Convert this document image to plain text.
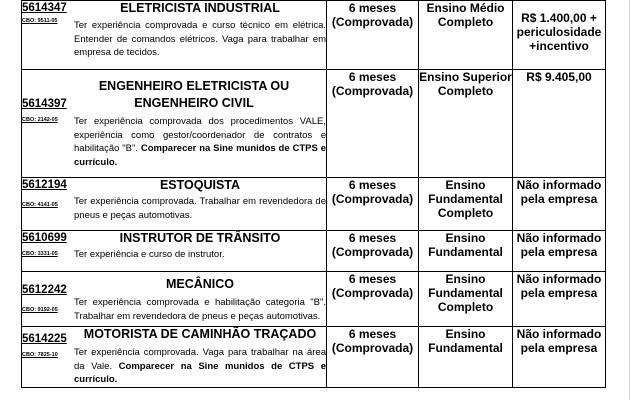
5614347
CBO: 9511-05
ELETRICISTA INDUSTRIAL
Ter experiência comprovada e curso técnico em elétrica. Entender de comandos elétricos. Vaga para trabalhar em empresa de tecidos.	6 meses (Comprovada)	Ensino Médio Completo	R$ 1.400,00 + periculosidade +incentivo

5614397
CBO: 2142-05
ENGENHEIRO ELETRICISTA OU ENGENHEIRO CIVIL
Ter experiência comprovada dos procedimentos VALE, experiência como gestor/coordenador de contratos e habilitação "B". Comparecer na Sine munidos de CTPS e currículo.	6 meses (Comprovada)	Ensino Superior Completo	R$ 9.405,00

5612194
CBO: 4141-05
ESTOQUISTA
Ter experiência comprovada. Trabalhar em revendedora de pneus e peças automotivas.	6 meses (Comprovada)	Ensino Fundamental Completo	Não informado pela empresa

5610699
CBO: 3331-05
INSTRUTOR DE TRÂNSITO
Ter experiência e curso de instrutor.	6 meses (Comprovada)	Ensino Fundamental	Não informado pela empresa

5612242
CBO: 9192-05
MECÂNICO
Ter experiência comprovada e habilitação categoria "B". Trabalhar em revendedora de pneus e peças automotivas.	6 meses (Comprovada)	Ensino Fundamental Completo	Não informado pela empresa

5614225
CBO: 7825-10
MOTORISTA DE CAMINHÃO TRAÇADO
Ter experiência comprovada. Vaga para trabalhar na área da Vale. Comparecer na Sine munidos de CTPS e currículo.	6 meses (Comprovada)	Ensino Fundamental	Não informado pela empresa
